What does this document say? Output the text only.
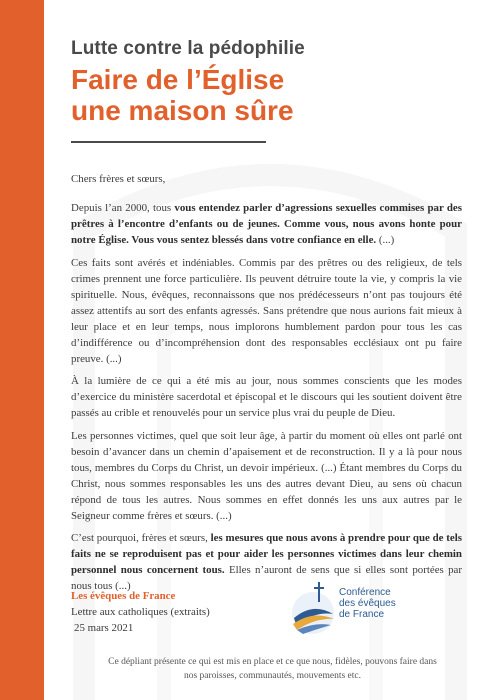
Lutte contre la pédophilie
Faire de l’Église
une maison sûre

Chers frères et sœurs,

Depuis l’an 2000, tous vous entendez parler d’agressions sexuelles commises par des prêtres à l’encontre d’enfants ou de jeunes. Comme vous, nous avons honte pour notre Église. Vous vous sentez blessés dans votre confiance en elle. (...)

Ces faits sont avérés et indéniables. Commis par des prêtres ou des religieux, de tels crimes prennent une force particulière. Ils peuvent détruire toute la vie, y compris la vie spirituelle. Nous, évêques, reconnaissons que nos prédécesseurs n’ont pas toujours été assez attentifs au sort des enfants agressés. Sans prétendre que nous aurions fait mieux à leur place et en leur temps, nous implorons humblement pardon pour tous les cas d’indifférence ou d’incompréhension dont des responsables ecclésiaux ont pu faire preuve. (...)

À la lumière de ce qui a été mis au jour, nous sommes conscients que les modes d’exercice du ministère sacerdotal et épiscopal et le discours qui les soutient doivent être passés au crible et renouvelés pour un service plus vrai du peuple de Dieu.

Les personnes victimes, quel que soit leur âge, à partir du moment où elles ont parlé ont besoin d’avancer dans un chemin d’apaisement et de reconstruction. Il y a là pour nous tous, membres du Corps du Christ, un devoir impérieux. (...) Étant membres du Corps du Christ, nous sommes responsables les uns des autres devant Dieu, au sens où chacun répond de tous les autres. Nous sommes en effet donnés les uns aux autres par le Seigneur comme frères et sœurs. (...)

C’est pourquoi, frères et sœurs, les mesures que nous avons à prendre pour que de tels faits ne se reproduisent pas et pour aider les personnes victimes dans leur chemin personnel nous concernent tous. Elles n’auront de sens que si elles sont portées par nous tous (...)

Les évêques de France
Lettre aux catholiques (extraits)
25 mars 2021
Conférence
des évêques
de France
Ce dépliant présente ce qui est mis en place et ce que nous, fidèles, pouvons faire dans
nos paroisses, communautés, mouvements etc.
